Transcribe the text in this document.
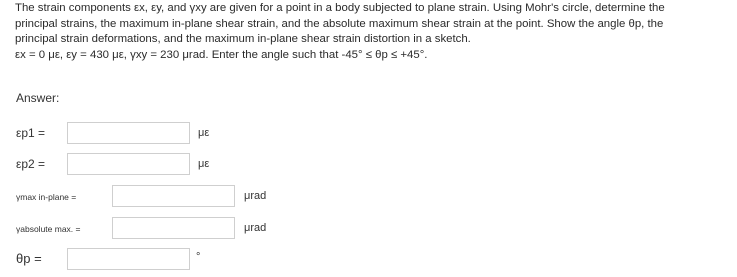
The strain components εx, εy, and γxy are given for a point in a body subjected to plane strain. Using Mohr's circle, determine the

principal strains, the maximum in-plane shear strain, and the absolute maximum shear strain at the point. Show the angle θp, the

principal strain deformations, and the maximum in-plane shear strain distortion in a sketch.

εx = 0 με, εy = 430 με, γxy = 230 μrad. Enter the angle such that -45° ≤ θp ≤ +45°.

Answer:
εp1 =	με
εp2 =	με
γmax in-plane =	μrad
γabsolute max. =	μrad
θp =	°
